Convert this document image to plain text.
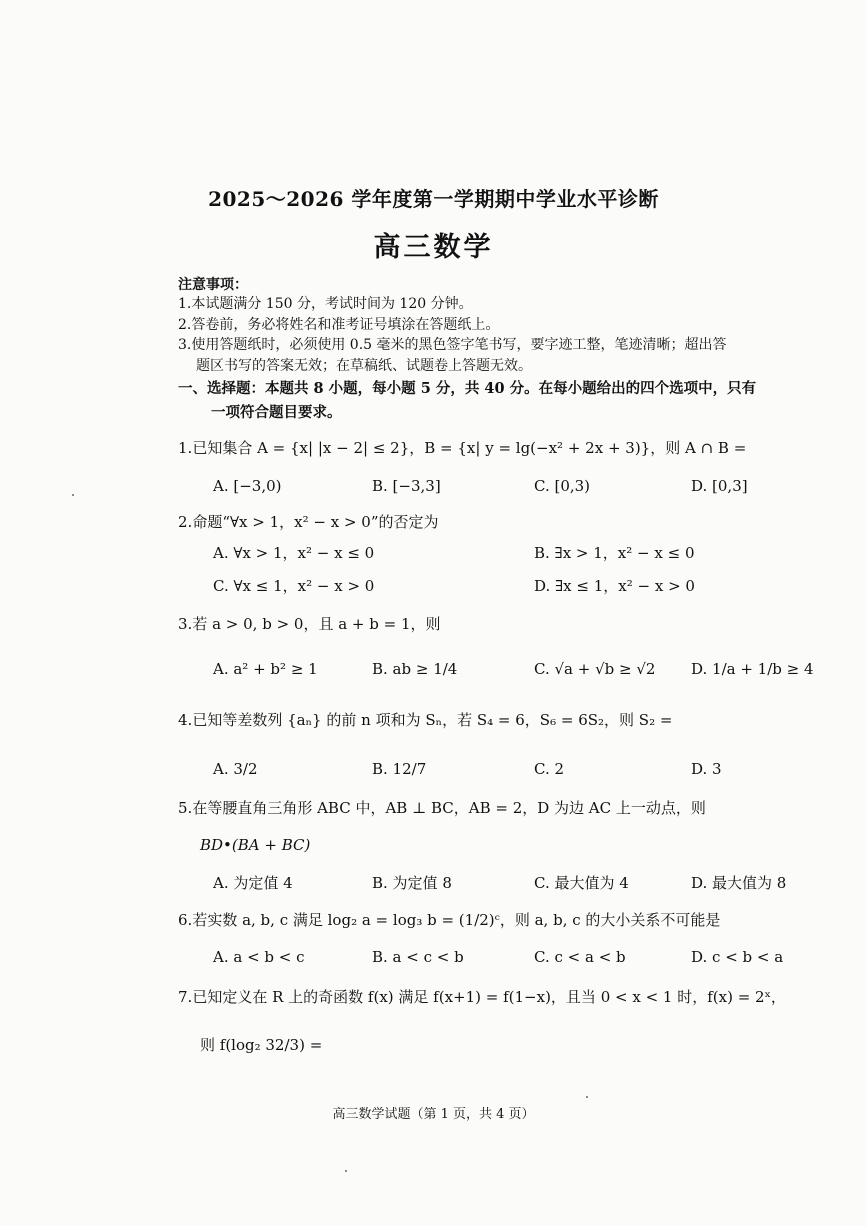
2025～2026 学年度第一学期期中学业水平诊断
高三数学
注意事项：
1.本试题满分 150 分，考试时间为 120 分钟。
2.答卷前，务必将姓名和准考证号填涂在答题纸上。
3.使用答题纸时，必须使用 0.5 毫米的黑色签字笔书写，要字迹工整，笔迹清晰；超出答
题区书写的答案无效；在草稿纸、试题卷上答题无效。
一、选择题：本题共 8 小题，每小题 5 分，共 40 分。在每小题给出的四个选项中，只有
一项符合题目要求。
1.已知集合 A = {x| |x − 2| ≤ 2}，B = {x| y = lg(−x² + 2x + 3)}，则 A ∩ B =
A. [−3,0)	B. [−3,3]	C. [0,3)	D. [0,3]
2.命题“∀x > 1，x² − x > 0”的否定为
A. ∀x > 1，x² − x ≤ 0	B. ∃x > 1，x² − x ≤ 0
C. ∀x ≤ 1，x² − x > 0	D. ∃x ≤ 1，x² − x > 0
3.若 a > 0, b > 0，且 a + b = 1，则
A. a² + b² ≥ 1	B. ab ≥ 1/4	C. √a + √b ≥ √2 D. 1/a + 1/b ≥ 4
4.已知等差数列 {aₙ} 的前 n 项和为 Sₙ，若 S₄ = 6，S₆ = 6S₂，则 S₂ =
A. 3/2	B. 12/7	C. 2	D. 3
5.在等腰直角三角形 ABC 中，AB ⊥ BC，AB = 2，D 为边 AC 上一动点，则
BD•(BA + BC)
A. 为定值 4	B. 为定值 8	C. 最大值为 4	D. 最大值为 8
6.若实数 a, b, c 满足 log₂ a = log₃ b = (1/2)ᶜ，则 a, b, c 的大小关系不可能是
A. a < b < c	B. a < c < b	C. c < a < b	D. c < b < a
7.已知定义在 R 上的奇函数 f(x) 满足 f(x+1) = f(1−x)，且当 0 < x < 1 时，f(x) = 2ˣ，
则 f(log₂ 32/3) =
高三数学试题（第 1 页，共 4 页）
